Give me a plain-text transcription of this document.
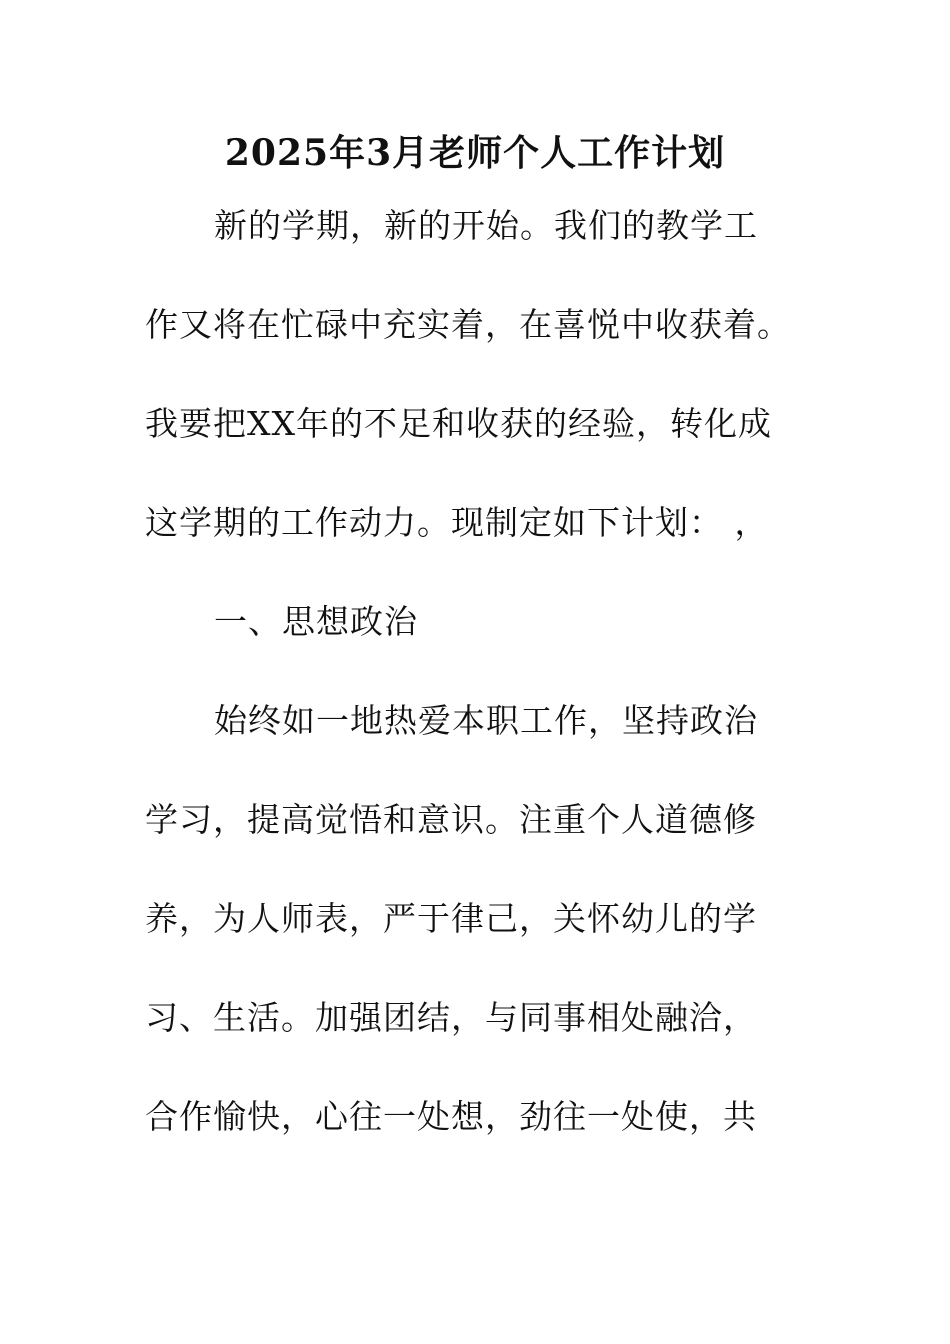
2025年3月老师个人工作计划
新的学期，新的开始。我们的教学工
作又将在忙碌中充实着，在喜悦中收获着。
我要把XX年的不足和收获的经验，转化成
这学期的工作动力。现制定如下计划： ，
一、思想政治
始终如一地热爱本职工作，坚持政治
学习，提高觉悟和意识。注重个人道德修
养，为人师表，严于律己，关怀幼儿的学
习、生活。加强团结，与同事相处融洽，
合作愉快，心往一处想，劲往一处使，共
